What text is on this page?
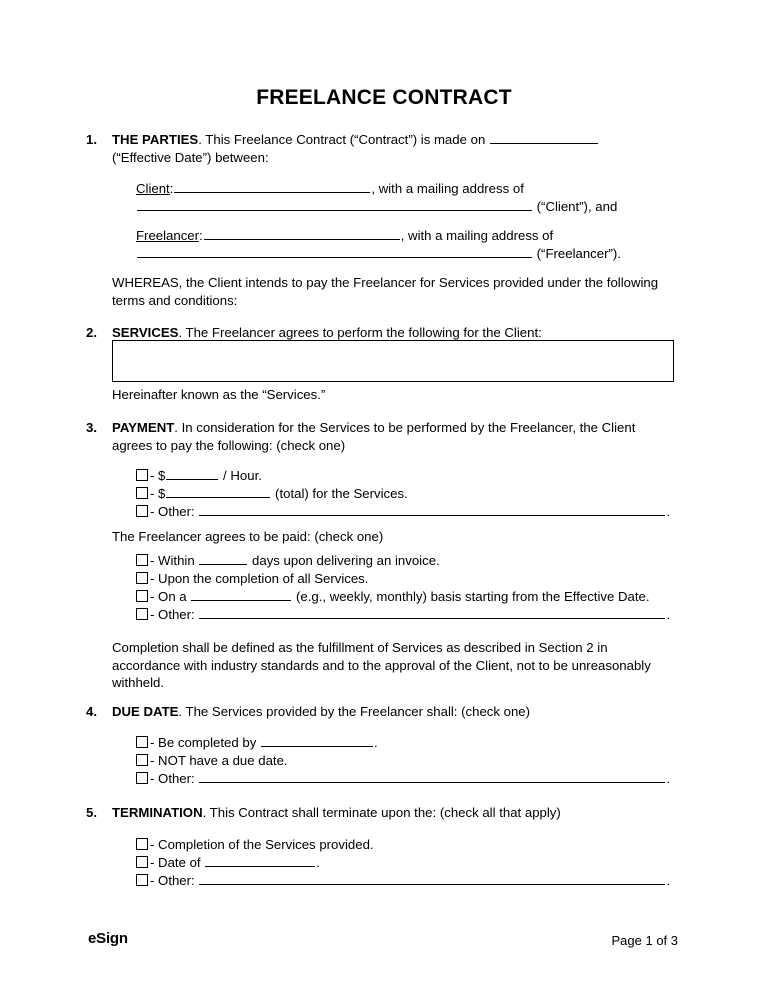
FREELANCE CONTRACT
1. THE PARTIES. This Freelance Contract (“Contract”) is made on
(“Effective Date”) between:
Client:	, with a mailing address of
(“Client”), and
Freelancer:	, with a mailing address of
(“Freelancer”).
WHEREAS, the Client intends to pay the Freelancer for Services provided under the following terms and conditions:
2. SERVICES. The Freelancer agrees to perform the following for the Client:
Hereinafter known as the “Services.”
3. PAYMENT. In consideration for the Services to be performed by the Freelancer, the Client agrees to pay the following: (check one)
- $	/ Hour.
- $	(total) for the Services.
- Other:	.
The Freelancer agrees to be paid: (check one)
- Within	days upon delivering an invoice.
- Upon the completion of all Services.
- On a	(e.g., weekly, monthly) basis starting from the Effective Date.
- Other:	.
Completion shall be defined as the fulfillment of Services as described in Section 2 in accordance with industry standards and to the approval of the Client, not to be unreasonably withheld.
4. DUE DATE. The Services provided by the Freelancer shall: (check one)
- Be completed by	.
- NOT have a due date.
- Other:	.
5. TERMINATION. This Contract shall terminate upon the: (check all that apply)
- Completion of the Services provided.
- Date of	.
- Other:	.
eSign	Page 1 of 3
